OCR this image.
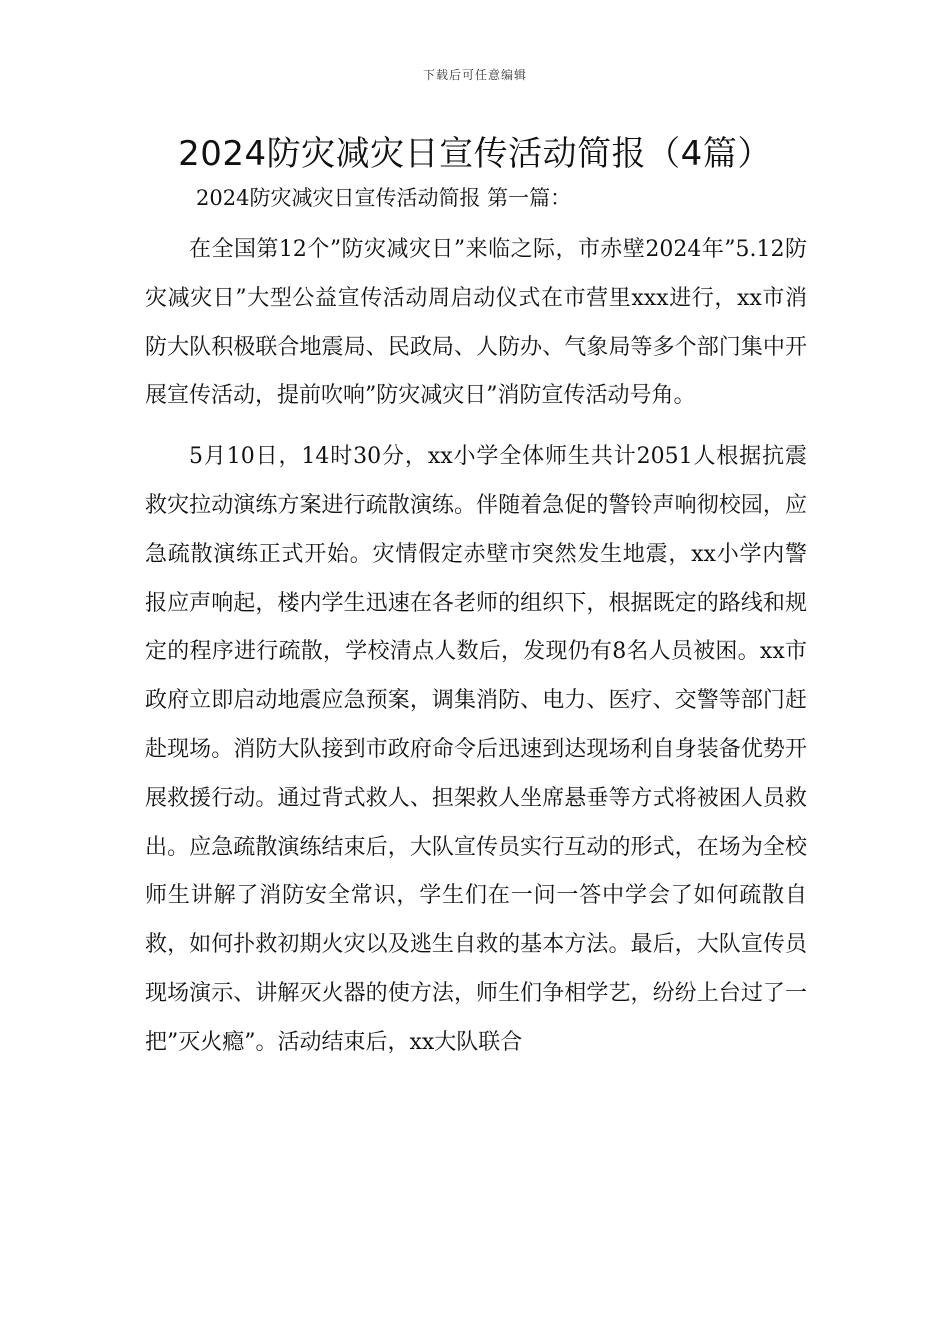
下载后可任意编辑
2024防灾减灾日宣传活动简报（4篇）
2024防灾减灾日宣传活动简报 第一篇：

在全国第12个”防灾减灾日”来临之际，市赤壁2024年”5.12防灾减灾日”大型公益宣传活动周启动仪式在市营里xxx进行，xx市消防大队积极联合地震局、民政局、人防办、气象局等多个部门集中开展宣传活动，提前吹响”防灾减灾日”消防宣传活动号角。

5月10日，14时30分，xx小学全体师生共计2051人根据抗震救灾拉动演练方案进行疏散演练。伴随着急促的警铃声响彻校园，应急疏散演练正式开始。灾情假定赤壁市突然发生地震，xx小学内警报应声响起，楼内学生迅速在各老师的组织下，根据既定的路线和规定的程序进行疏散，学校清点人数后，发现仍有8名人员被困。xx市政府立即启动地震应急预案，调集消防、电力、医疗、交警等部门赶赴现场。消防大队接到市政府命令后迅速到达现场利自身装备优势开展救援行动。通过背式救人、担架救人坐席悬垂等方式将被困人员救出。应急疏散演练结束后，大队宣传员实行互动的形式，在场为全校师生讲解了消防安全常识，学生们在一问一答中学会了如何疏散自救，如何扑救初期火灾以及逃生自救的基本方法。最后，大队宣传员现场演示、讲解灭火器的使方法，师生们争相学艺，纷纷上台过了一把”灭火瘾”。活动结束后，xx大队联合
